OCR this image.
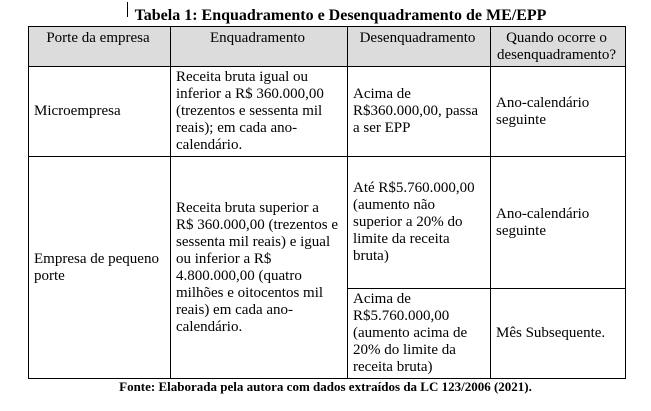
Tabela 1: Enquadramento e Desenquadramento de ME/EPP
Porte da empresa	Enquadramento	Desenquadramento	Quando ocorre o desenquadramento?
Microempresa	Receita bruta igual ou inferior a R$ 360.000,00 (trezentos e sessenta mil reais); em cada ano-calendário.	Acima de R$360.000,00, passa a ser EPP	Ano-calendário seguinte
Empresa de pequeno porte	Receita bruta superior a R$ 360.000,00 (trezentos e sessenta mil reais) e igual ou inferior a R$ 4.800.000,00 (quatro milhões e oitocentos mil reais) em cada ano-calendário.	Até R$5.760.000,00 (aumento não superior a 20% do limite da receita bruta)	Ano-calendário seguinte
		Acima de R$5.760.000,00 (aumento acima de 20% do limite da receita bruta)	Mês Subsequente.
Fonte: Elaborada pela autora com dados extraídos da LC 123/2006 (2021).
